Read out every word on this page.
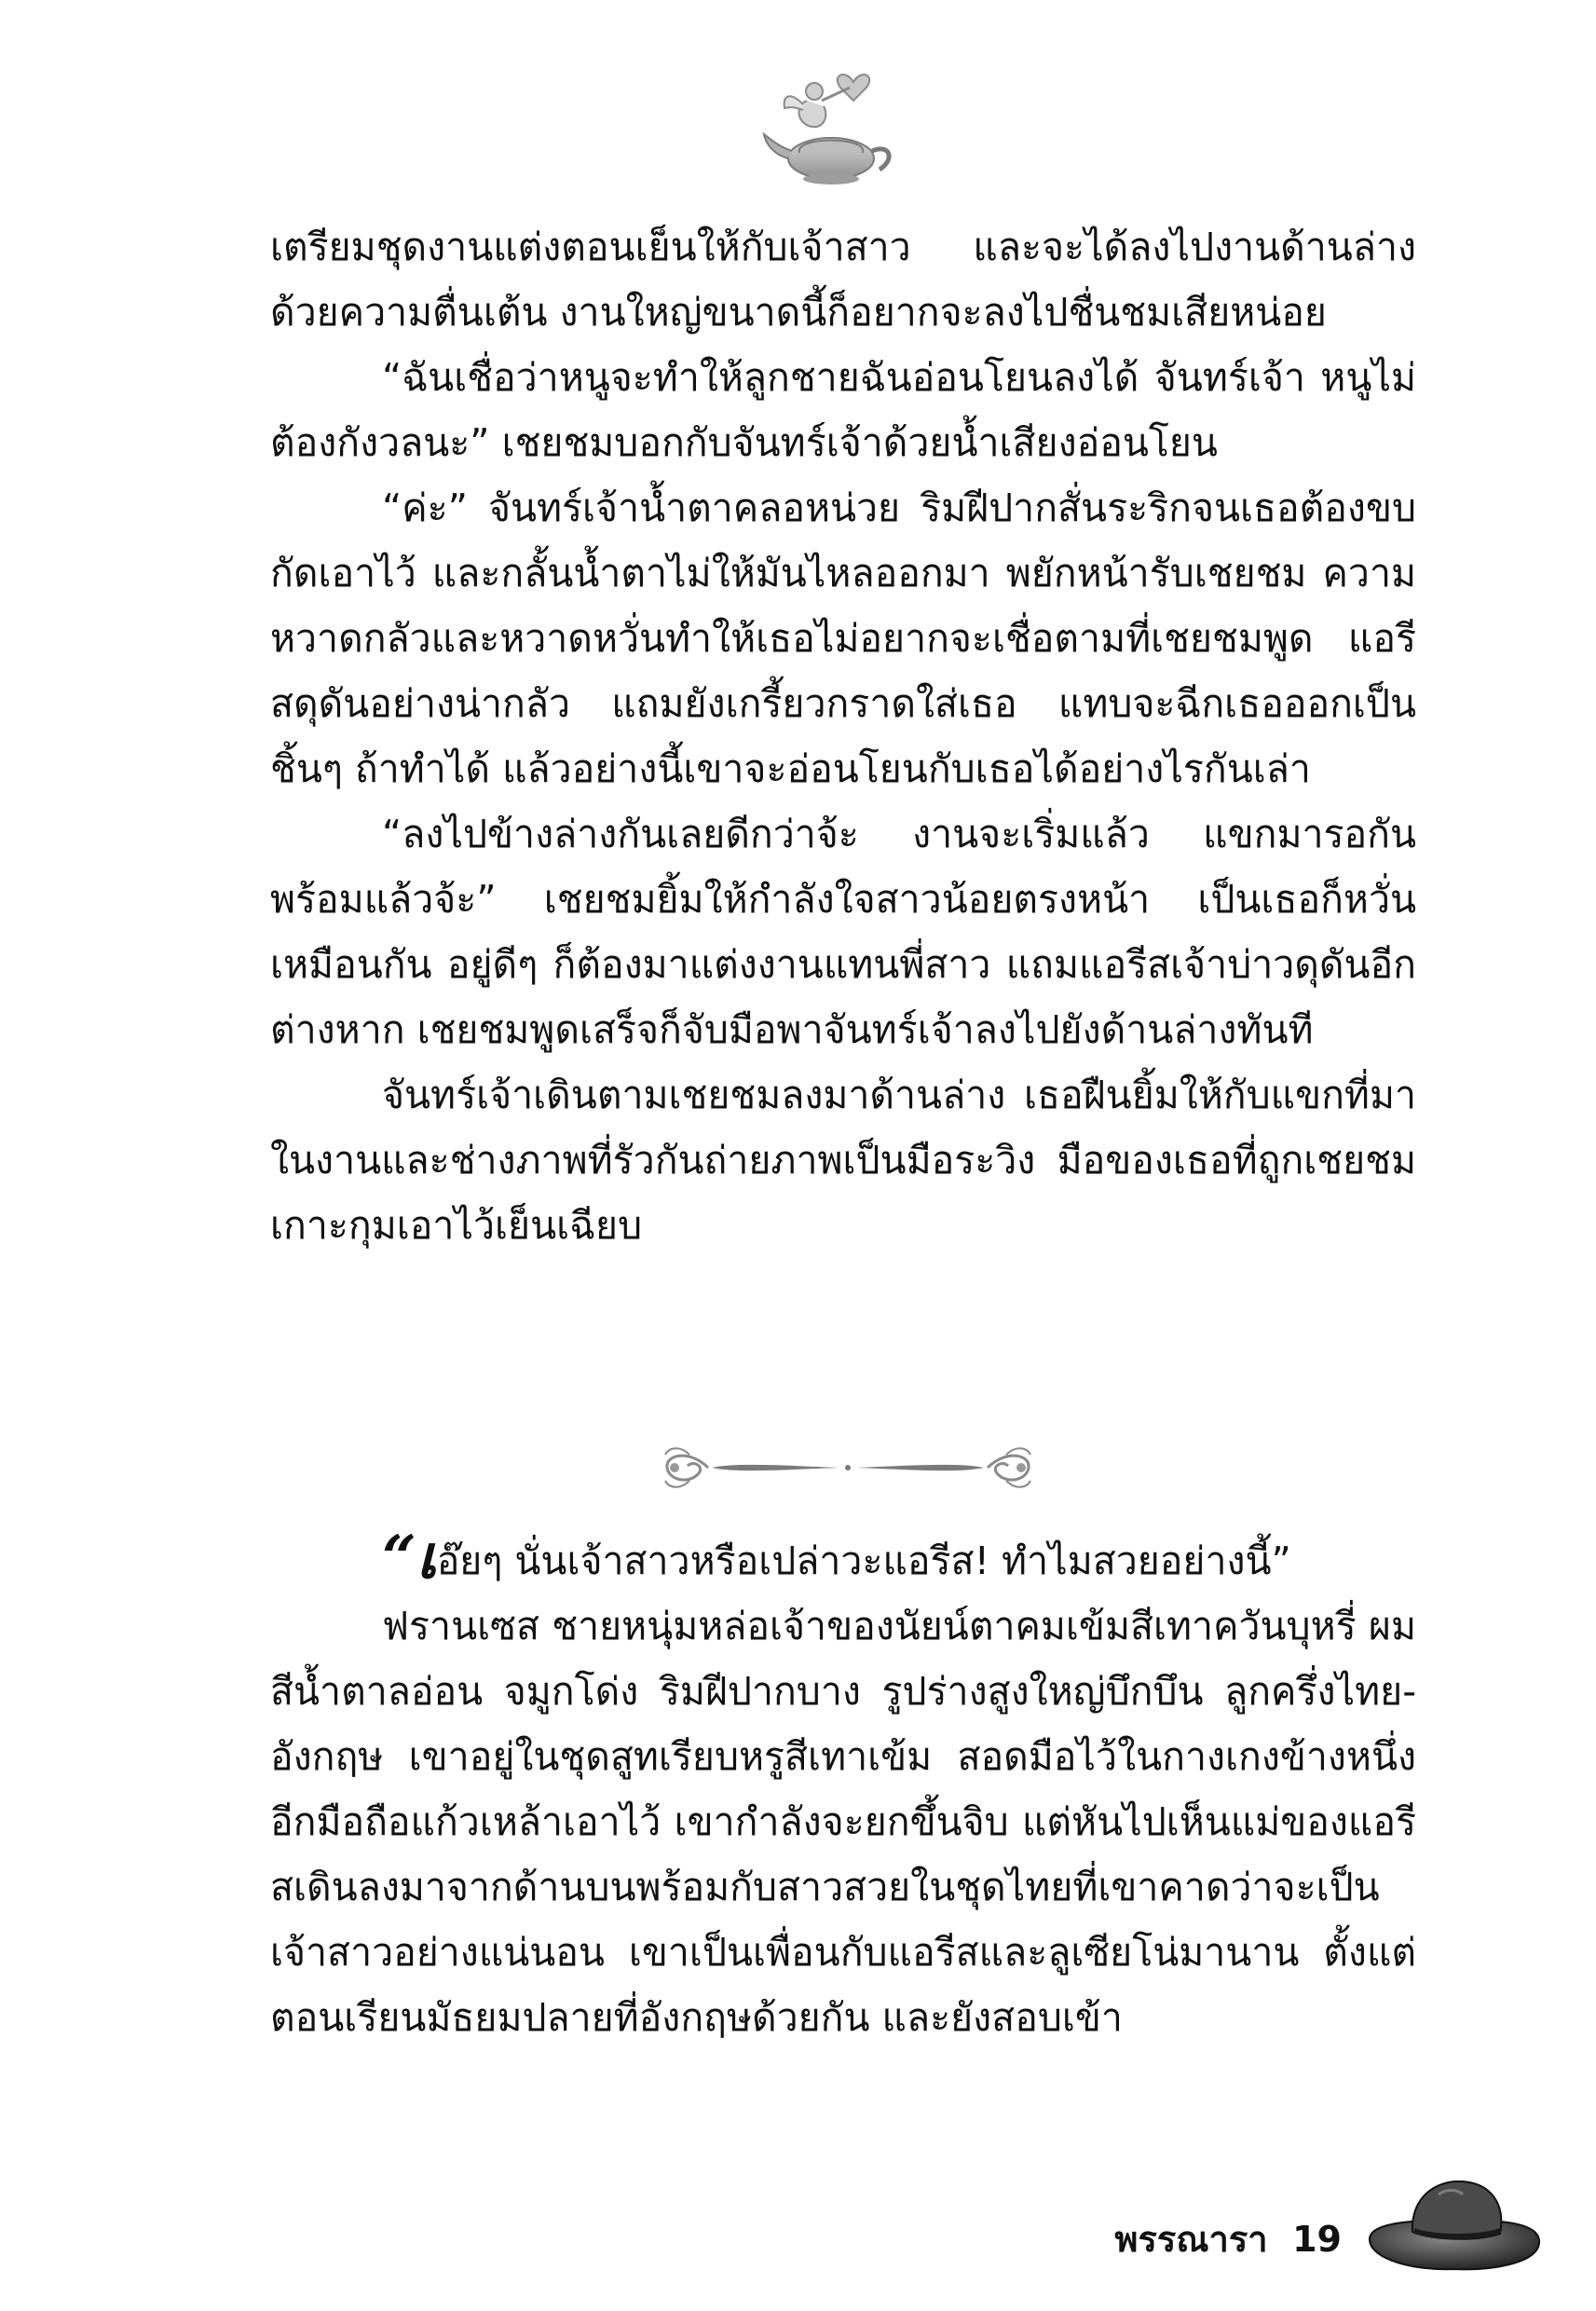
เตรียมชุดงานแต่งตอนเย็นให้กับเจ้าสาว และจะได้ลงไปงานด้านล่างด้วยความตื่นเต้น งานใหญ่ขนาดนี้ก็อยากจะลงไปชื่นชมเสียหน่อย

“ฉันเชื่อว่าหนูจะทำให้ลูกชายฉันอ่อนโยนลงได้ จันทร์เจ้า หนูไม่ต้องกังวลนะ” เชยชมบอกกับจันทร์เจ้าด้วยน้ำเสียงอ่อนโยน

“ค่ะ” จันทร์เจ้าน้ำตาคลอหน่วย ริมฝีปากสั่นระริกจนเธอต้องขบกัดเอาไว้ และกลั้นน้ำตาไม่ให้มันไหลออกมา พยักหน้ารับเชยชม ความหวาดกลัวและหวาดหวั่นทำให้เธอไม่อยากจะเชื่อตามที่เชยชมพูด แอรีสดุดันอย่างน่ากลัว แถมยังเกรี้ยวกราดใส่เธอ แทบจะฉีกเธอออกเป็นชิ้นๆ ถ้าทำได้ แล้วอย่างนี้เขาจะอ่อนโยนกับเธอได้อย่างไรกันเล่า

“ลงไปข้างล่างกันเลยดีกว่าจ้ะ งานจะเริ่มแล้ว แขกมารอกันพร้อมแล้วจ้ะ” เชยชมยิ้มให้กำลังใจสาวน้อยตรงหน้า เป็นเธอก็หวั่นเหมือนกัน อยู่ดีๆ ก็ต้องมาแต่งงานแทนพี่สาว แถมแอรีสเจ้าบ่าวดุดันอีกต่างหาก เชยชมพูดเสร็จก็จับมือพาจันทร์เจ้าลงไปยังด้านล่างทันที

จันทร์เจ้าเดินตามเชยชมลงมาด้านล่าง เธอฝืนยิ้มให้กับแขกที่มาในงานและช่างภาพที่รัวกันถ่ายภาพเป็นมือระวิง มือของเธอที่ถูกเชยชมเกาะกุมเอาไว้เย็นเฉียบ

“เอ๊ยๆ นั่นเจ้าสาวหรือเปล่าวะแอรีส! ทำไมสวยอย่างนี้”

ฟรานเซส ชายหนุ่มหล่อเจ้าของนัยน์ตาคมเข้มสีเทาควันบุหรี่ ผมสีน้ำตาลอ่อน จมูกโด่ง ริมฝีปากบาง รูปร่างสูงใหญ่บึกบึน ลูกครึ่งไทย-อังกฤษ เขาอยู่ในชุดสูทเรียบหรูสีเทาเข้ม สอดมือไว้ในกางเกงข้างหนึ่ง อีกมือถือแก้วเหล้าเอาไว้ เขากำลังจะยกขึ้นจิบ แต่หันไปเห็นแม่ของแอรีสเดินลงมาจากด้านบนพร้อมกับสาวสวยในชุดไทยที่เขาคาดว่าจะเป็นเจ้าสาวอย่างแน่นอน เขาเป็นเพื่อนกับแอรีสและลูเซียโน่มานาน ตั้งแต่ตอนเรียนมัธยมปลายที่อังกฤษด้วยกัน และยังสอบเข้า

พรรณารา 19
